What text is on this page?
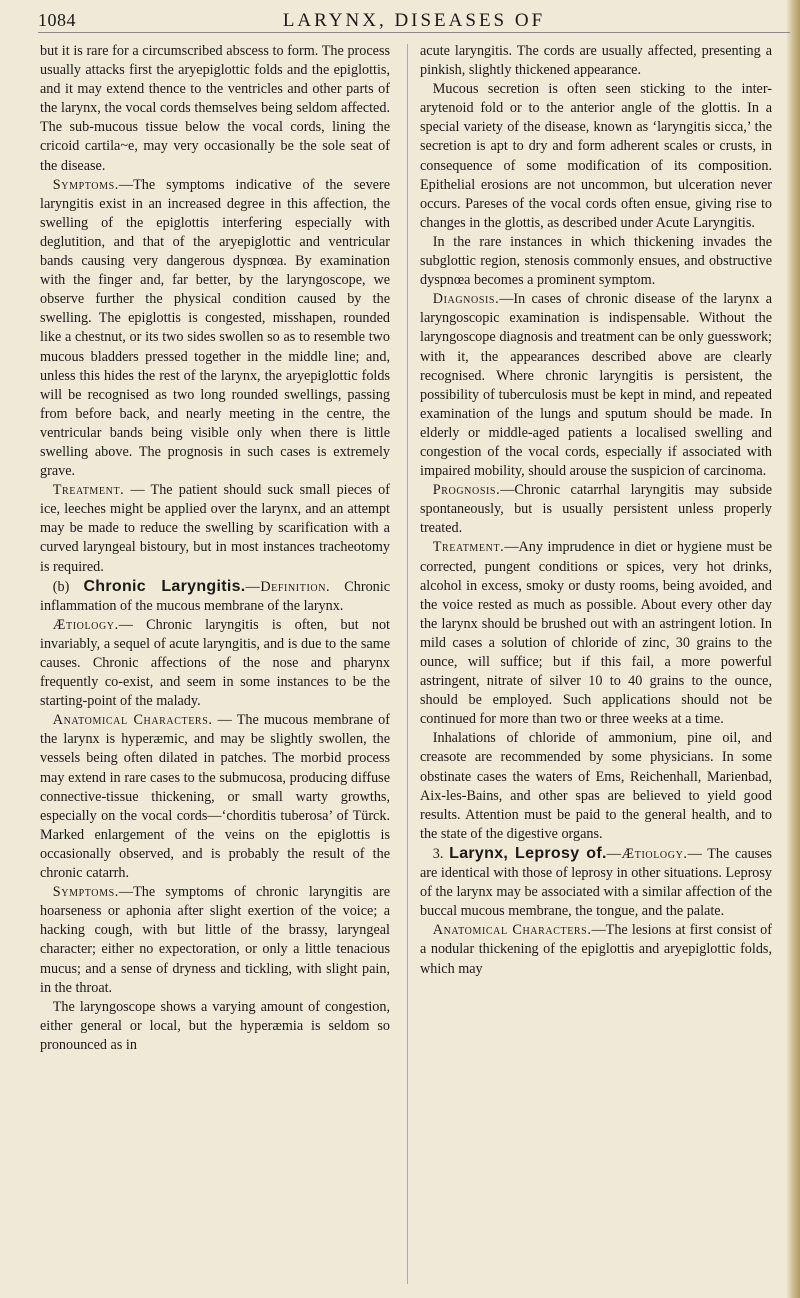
1084	LARYNX, DISEASES OF

but it is rare for a circumscribed abscess to form. The process usually attacks first the aryepiglottic folds and the epiglottis, and it may extend thence to the ventricles and other parts of the larynx, the vocal cords themselves being seldom affected. The sub-mucous tissue below the vocal cords, lining the cricoid cartila~e, may very occasionally be the sole seat of the disease.

Symptoms.—The symptoms indicative of the severe laryngitis exist in an increased degree in this affection, the swelling of the epiglottis interfering especially with deglutition, and that of the aryepiglottic and ventricular bands causing very dangerous dyspnœa. By examination with the finger and, far better, by the laryngoscope, we observe further the physical condition caused by the swelling. The epiglottis is congested, misshapen, rounded like a chestnut, or its two sides swollen so as to resemble two mucous bladders pressed together in the middle line; and, unless this hides the rest of the larynx, the aryepiglottic folds will be recognised as two long rounded swellings, passing from before back, and nearly meeting in the centre, the ventricular bands being visible only when there is little swelling above. The prognosis in such cases is extremely grave.

Treatment. — The patient should suck small pieces of ice, leeches might be applied over the larynx, and an attempt may be made to reduce the swelling by scarification with a curved laryngeal bistoury, but in most instances tracheotomy is required.

(b) Chronic Laryngitis.—Definition. Chronic inflammation of the mucous membrane of the larynx.

Ætiology.— Chronic laryngitis is often, but not invariably, a sequel of acute laryngitis, and is due to the same causes. Chronic affections of the nose and pharynx frequently co-exist, and seem in some instances to be the starting-point of the malady.

Anatomical Characters. — The mucous membrane of the larynx is hyperæmic, and may be slightly swollen, the vessels being often dilated in patches. The morbid process may extend in rare cases to the submucosa, producing diffuse connective-tissue thickening, or small warty growths, especially on the vocal cords—‘chorditis tuberosa’ of Türck. Marked enlargement of the veins on the epiglottis is occasionally observed, and is probably the result of the chronic catarrh.

Symptoms.—The symptoms of chronic laryngitis are hoarseness or aphonia after slight exertion of the voice; a hacking cough, with but little of the brassy, laryngeal character; either no expectoration, or only a little tenacious mucus; and a sense of dryness and tickling, with slight pain, in the throat.

The laryngoscope shows a varying amount of congestion, either general or local, but the hyperæmia is seldom so pronounced as in

acute laryngitis. The cords are usually affected, presenting a pinkish, slightly thickened appearance.

Mucous secretion is often seen sticking to the inter-arytenoid fold or to the anterior angle of the glottis. In a special variety of the disease, known as ‘laryngitis sicca,’ the secretion is apt to dry and form adherent scales or crusts, in consequence of some modification of its composition. Epithelial erosions are not uncommon, but ulceration never occurs. Pareses of the vocal cords often ensue, giving rise to changes in the glottis, as described under Acute Laryngitis.

In the rare instances in which thickening invades the subglottic region, stenosis commonly ensues, and obstructive dyspnœa becomes a prominent symptom.

Diagnosis.—In cases of chronic disease of the larynx a laryngoscopic examination is indispensable. Without the laryngoscope diagnosis and treatment can be only guesswork; with it, the appearances described above are clearly recognised. Where chronic laryngitis is persistent, the possibility of tuberculosis must be kept in mind, and repeated examination of the lungs and sputum should be made. In elderly or middle-aged patients a localised swelling and congestion of the vocal cords, especially if associated with impaired mobility, should arouse the suspicion of carcinoma.

Prognosis.—Chronic catarrhal laryngitis may subside spontaneously, but is usually persistent unless properly treated.

Treatment.—Any imprudence in diet or hygiene must be corrected, pungent conditions or spices, very hot drinks, alcohol in excess, smoky or dusty rooms, being avoided, and the voice rested as much as possible. About every other day the larynx should be brushed out with an astringent lotion. In mild cases a solution of chloride of zinc, 30 grains to the ounce, will suffice; but if this fail, a more powerful astringent, nitrate of silver 10 to 40 grains to the ounce, should be employed. Such applications should not be continued for more than two or three weeks at a time.

Inhalations of chloride of ammonium, pine oil, and creasote are recommended by some physicians. In some obstinate cases the waters of Ems, Reichenhall, Marienbad, Aix-les-Bains, and other spas are believed to yield good results. Attention must be paid to the general health, and to the state of the digestive organs.

3. Larynx, Leprosy of.—Ætiology.— The causes are identical with those of leprosy in other situations. Leprosy of the larynx may be associated with a similar affection of the buccal mucous membrane, the tongue, and the palate.

Anatomical Characters.—The lesions at first consist of a nodular thickening of the epiglottis and aryepiglottic folds, which may
